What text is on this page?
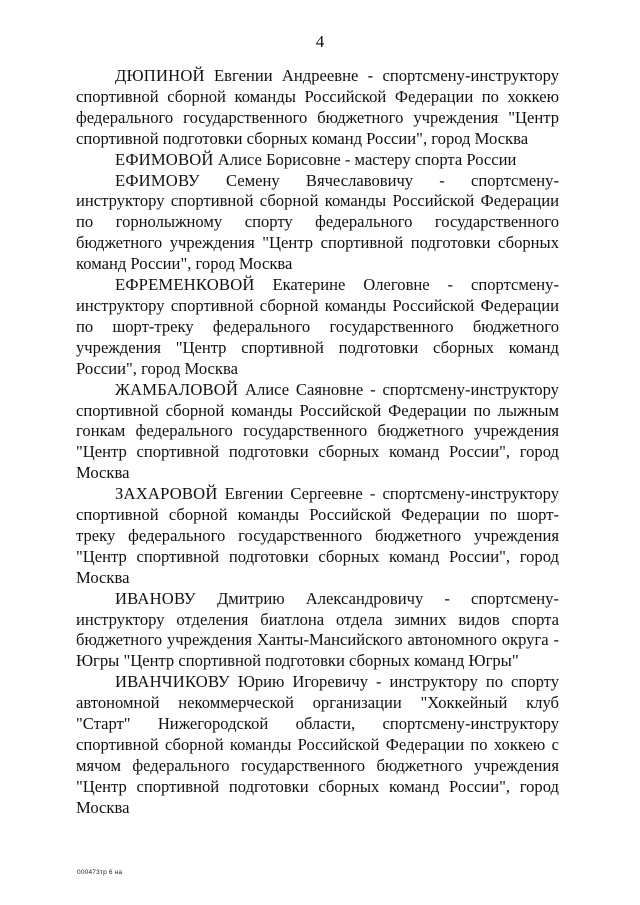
4

ДЮПИНОЙ Евгении Андреевне - спортсмену-инструктору спортивной сборной команды Российской Федерации по хоккею федерального государственного бюджетного учреждения "Центр спортивной подготовки сборных команд России", город Москва

ЕФИМОВОЙ Алисе Борисовне - мастеру спорта России

ЕФИМОВУ Семену Вячеславовичу - спортсмену-инструктору спортивной сборной команды Российской Федерации по горнолыжному спорту федерального государственного бюджетного учреждения "Центр спортивной подготовки сборных команд России", город Москва

ЕФРЕМЕНКОВОЙ Екатерине Олеговне - спортсмену-инструктору спортивной сборной команды Российской Федерации по шорт-треку федерального государственного бюджетного учреждения "Центр спортивной подготовки сборных команд России", город Москва

ЖАМБАЛОВОЙ Алисе Саяновне - спортсмену-инструктору спортивной сборной команды Российской Федерации по лыжным гонкам федерального государственного бюджетного учреждения "Центр спортивной подготовки сборных команд России", город Москва

ЗАХАРОВОЙ Евгении Сергеевне - спортсмену-инструктору спортивной сборной команды Российской Федерации по шорт-треку федерального государственного бюджетного учреждения "Центр спортивной подготовки сборных команд России", город Москва

ИВАНОВУ Дмитрию Александровичу - спортсмену-инструктору отделения биатлона отдела зимних видов спорта бюджетного учреждения Ханты-Мансийского автономного округа - Югры "Центр спортивной подготовки сборных команд Югры"

ИВАНЧИКОВУ Юрию Игоревичу - инструктору по спорту автономной некоммерческой организации "Хоккейный клуб "Старт" Нижегородской области, спортсмену-инструктору спортивной сборной команды Российской Федерации по хоккею с мячом федерального государственного бюджетного учреждения "Центр спортивной подготовки сборных команд России", город Москва

000473тр 6 на
